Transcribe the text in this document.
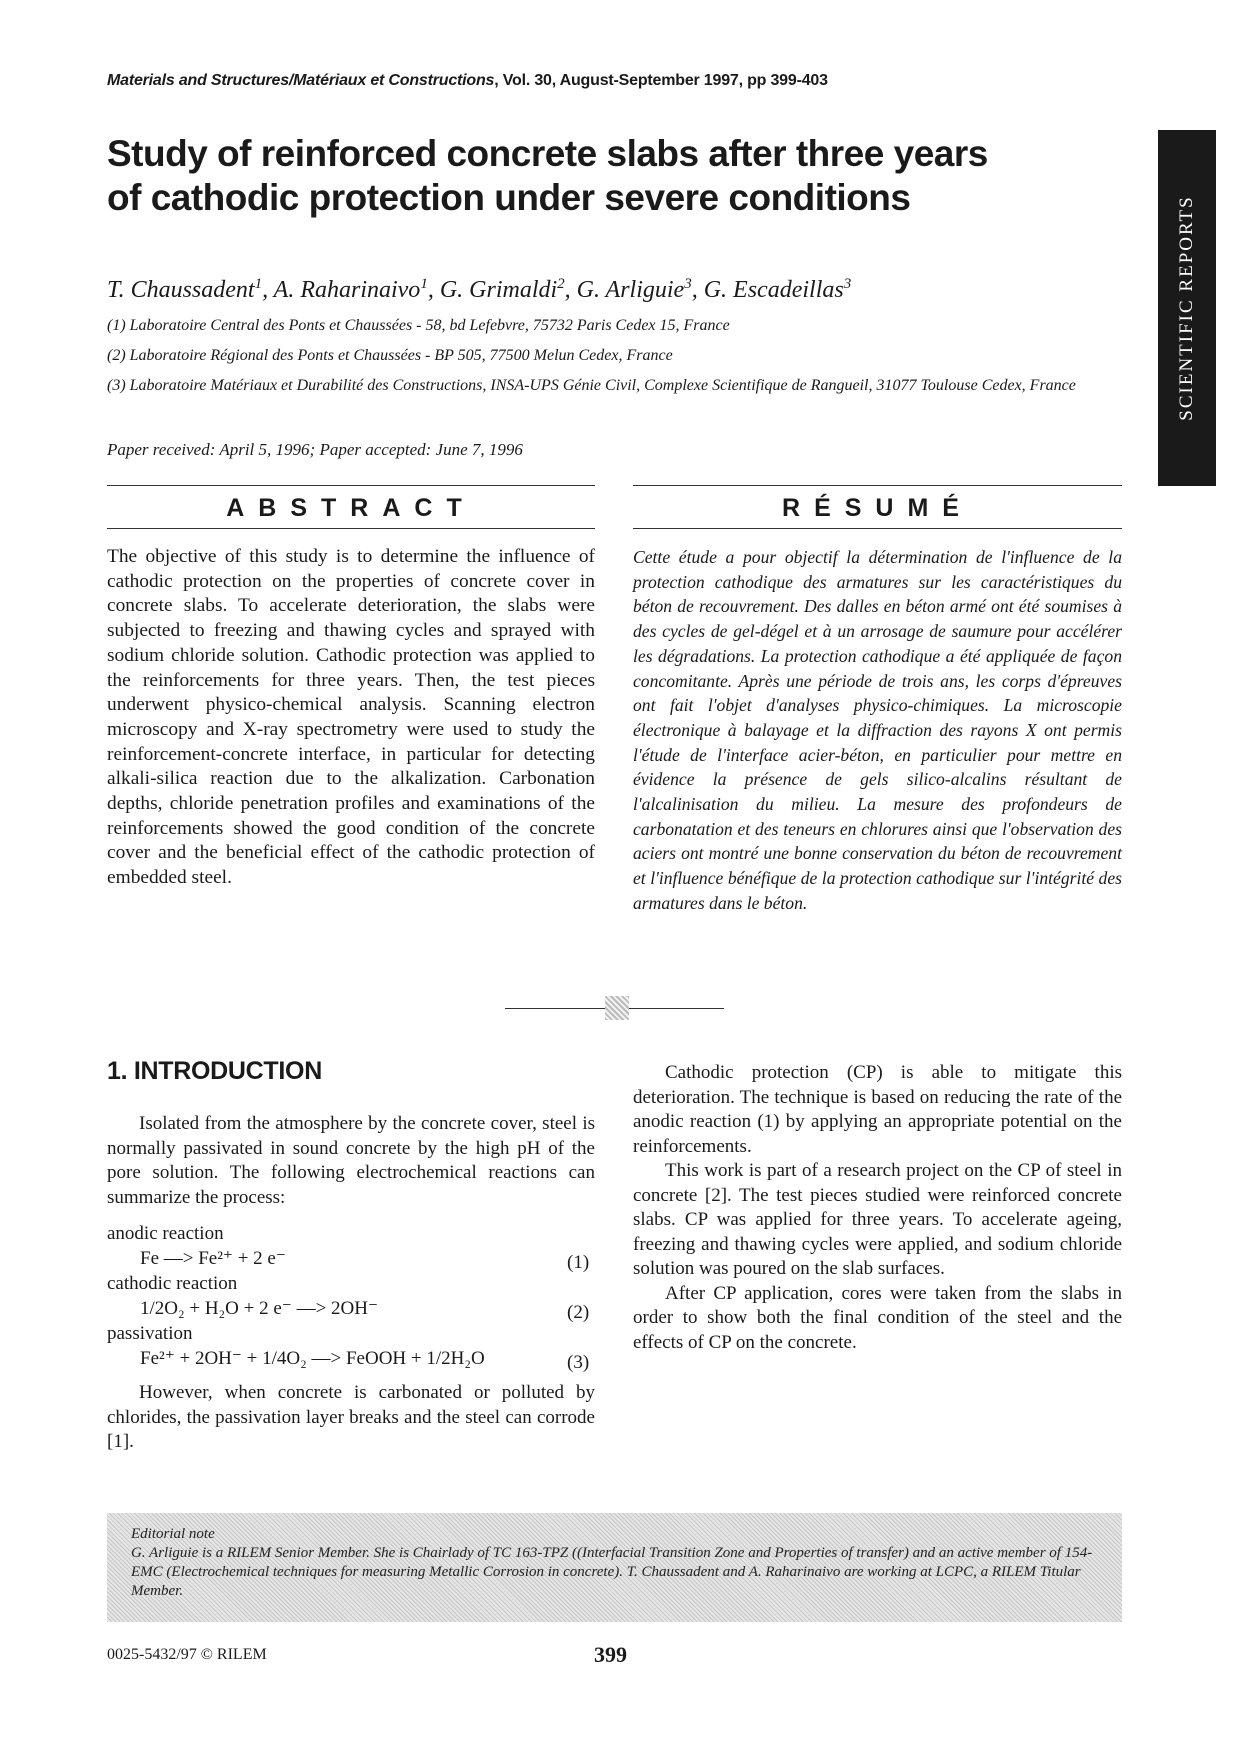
Materials and Structures/Matériaux et Constructions, Vol. 30, August-September 1997, pp 399-403
Study of reinforced concrete slabs after three years
of cathodic protection under severe conditions	SCIENTIFIC REPORTS
T. Chaussadent$^1$, A. Raharinaivo$^1$, G. Grimaldi$^2$, G. Arliguie$^3$, G. Escadeillas$^3$
(1) Laboratoire Central des Ponts et Chaussées - 58, bd Lefebvre, 75732 Paris Cedex 15, France
(2) Laboratoire Régional des Ponts et Chaussées - BP 505, 77500 Melun Cedex, France
(3) Laboratoire Matériaux et Durabilité des Constructions, INSA-UPS Génie Civil, Complexe Scientifique de Rangueil, 31077 Toulouse Cedex, France
Paper received: April 5, 1996; Paper accepted: June 7, 1996
ABSTRACT	RÉSUMÉ
The objective of this study is to determine the influence of cathodic protection on the properties of concrete cover in concrete slabs. To accelerate deterioration, the slabs were subjected to freezing and thawing cycles and sprayed with sodium chloride solution. Cathodic protection was applied to the reinforcements for three years. Then, the test pieces underwent physico-chemical analysis. Scanning electron microscopy and X-ray spectrometry were used to study the reinforcement-concrete interface, in particular for detecting alkali-silica reaction due to the alkalization. Carbonation depths, chloride penetration profiles and examinations of the reinforcements showed the good condition of the concrete cover and the beneficial effect of the cathodic protection of embedded steel.
Cette étude a pour objectif la détermination de l'influence de la protection cathodique des armatures sur les caractéristiques du béton de recouvrement. Des dalles en béton armé ont été soumises à des cycles de gel-dégel et à un arrosage de saumure pour accélérer les dégradations. La protection cathodique a été appliquée de façon concomitante. Après une période de trois ans, les corps d'épreuves ont fait l'objet d'analyses physico-chimiques. La microscopie électronique à balayage et la diffraction des rayons X ont permis l'étude de l'interface acier-béton, en particulier pour mettre en évidence la présence de gels silico-alcalins résultant de l'alcalinisation du milieu. La mesure des profondeurs de carbonatation et des teneurs en chlorures ainsi que l'observation des aciers ont montré une bonne conservation du béton de recouvrement et l'influence bénéfique de la protection cathodique sur l'intégrité des armatures dans le béton.
1. INTRODUCTION

Isolated from the atmosphere by the concrete cover, steel is normally passivated in sound concrete by the high pH of the pore solution. The following electrochemical reactions can summarize the process:

anodic reaction
Fe —> Fe²⁺ + 2 e⁻	(1)
cathodic reaction
1/2O₂ + H₂O + 2 e⁻ —> 2OH⁻	(2)
passivation
Fe²⁺ + 2OH⁻ + 1/4O₂ —> FeOOH + 1/2H₂O	(3)

However, when concrete is carbonated or polluted by chlorides, the passivation layer breaks and the steel can corrode [1].

Cathodic protection (CP) is able to mitigate this deterioration. The technique is based on reducing the rate of the anodic reaction (1) by applying an appropriate potential on the reinforcements.

This work is part of a research project on the CP of steel in concrete [2]. The test pieces studied were reinforced concrete slabs. CP was applied for three years. To accelerate ageing, freezing and thawing cycles were applied, and sodium chloride solution was poured on the slab surfaces.

After CP application, cores were taken from the slabs in order to show both the final condition of the steel and the effects of CP on the concrete.

Editorial note
G. Arliguie is a RILEM Senior Member. She is Chairlady of TC 163-TPZ ((Interfacial Transition Zone and Properties of transfer) and an active member of 154-EMC (Electrochemical techniques for measuring Metallic Corrosion in concrete). T. Chaussadent and A. Raharinaivo are working at LCPC, a RILEM Titular Member.
0025-5432/97 © RILEM	399
